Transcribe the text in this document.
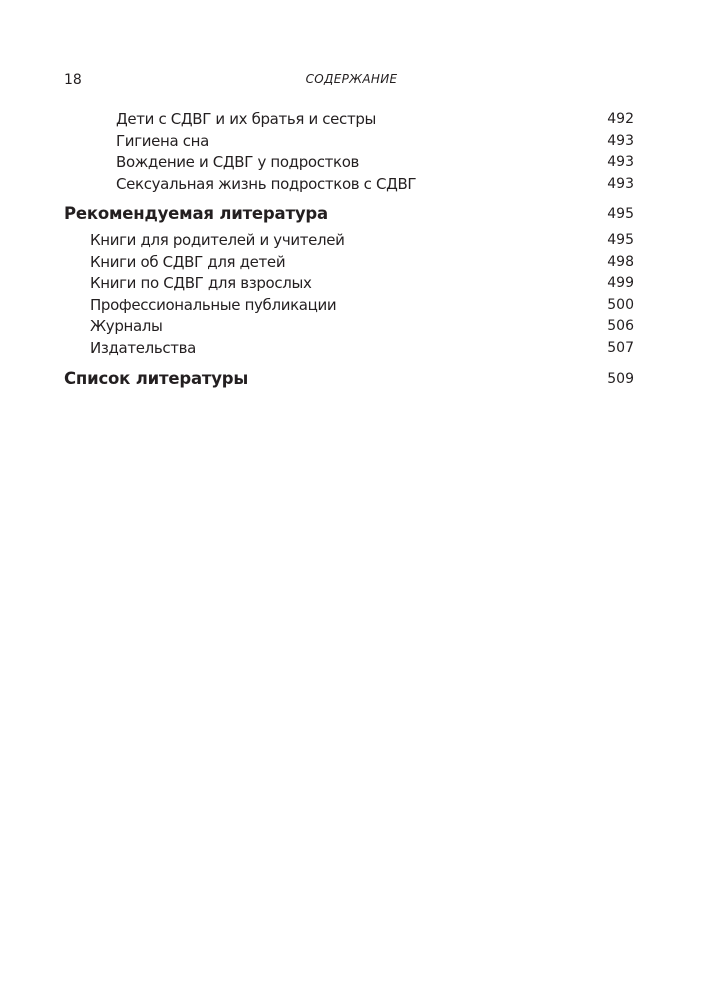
18	СОДЕРЖАНИЕ
Дети с СДВГ и их братья и сестры	492
Гигиена сна	493
Вождение и СДВГ у подростков	493
Сексуальная жизнь подростков с СДВГ	493
Рекомендуемая литература	495
Книги для родителей и учителей	495
Книги об СДВГ для детей	498
Книги по СДВГ для взрослых	499
Профессиональные публикации	500
Журналы	506
Издательства	507
Список литературы	509
